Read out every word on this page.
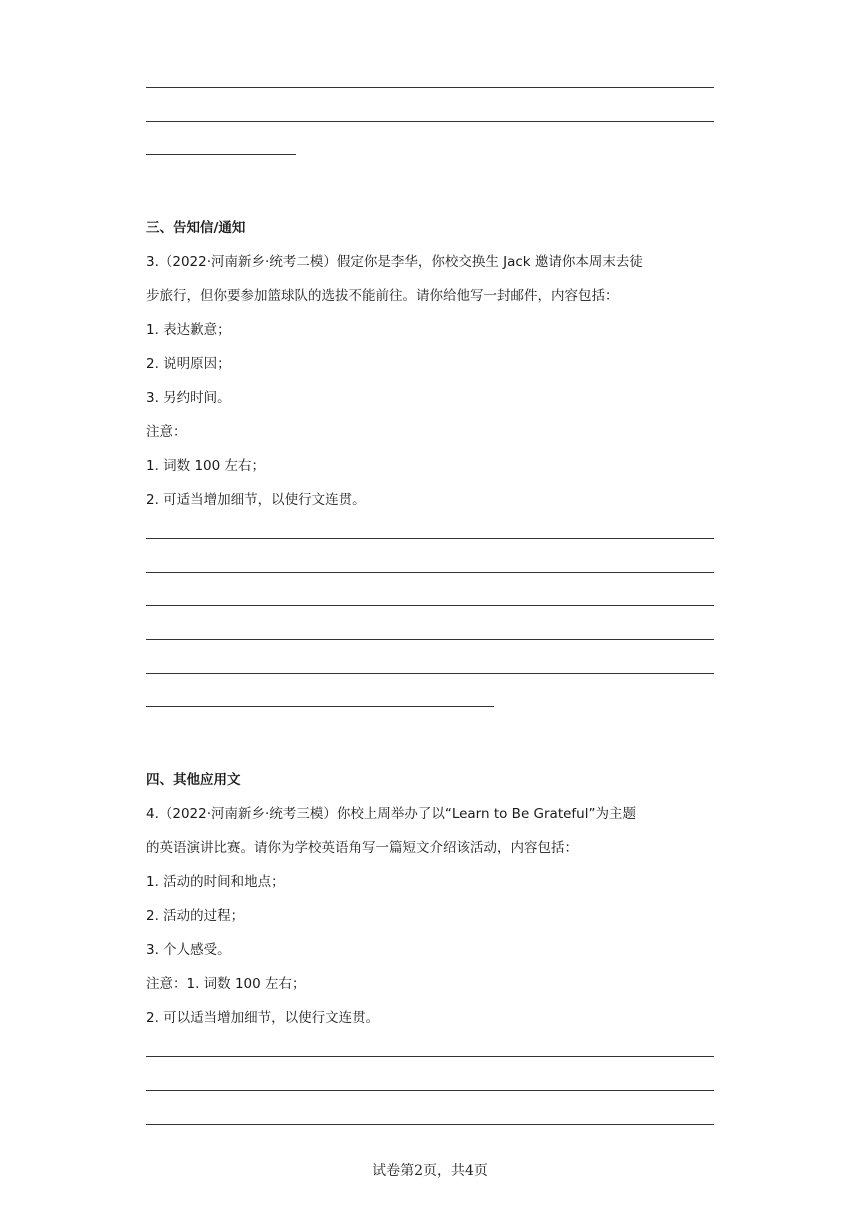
三、告知信/通知
3.（2022·河南新乡·统考二模）假定你是李华，你校交换生 Jack 邀请你本周末去徒
步旅行，但你要参加篮球队的选拔不能前往。请你给他写一封邮件，内容包括：
1. 表达歉意；
2. 说明原因；
3. 另约时间。
注意：
1. 词数 100 左右；
2. 可适当增加细节，以使行文连贯。
四、其他应用文
4.（2022·河南新乡·统考三模）你校上周举办了以“Learn to Be Grateful”为主题
的英语演讲比赛。请你为学校英语角写一篇短文介绍该活动，内容包括：
1. 活动的时间和地点；
2. 活动的过程；
3. 个人感受。
注意：1. 词数 100 左右；
2. 可以适当增加细节，以使行文连贯。
试卷第2页，共4页
